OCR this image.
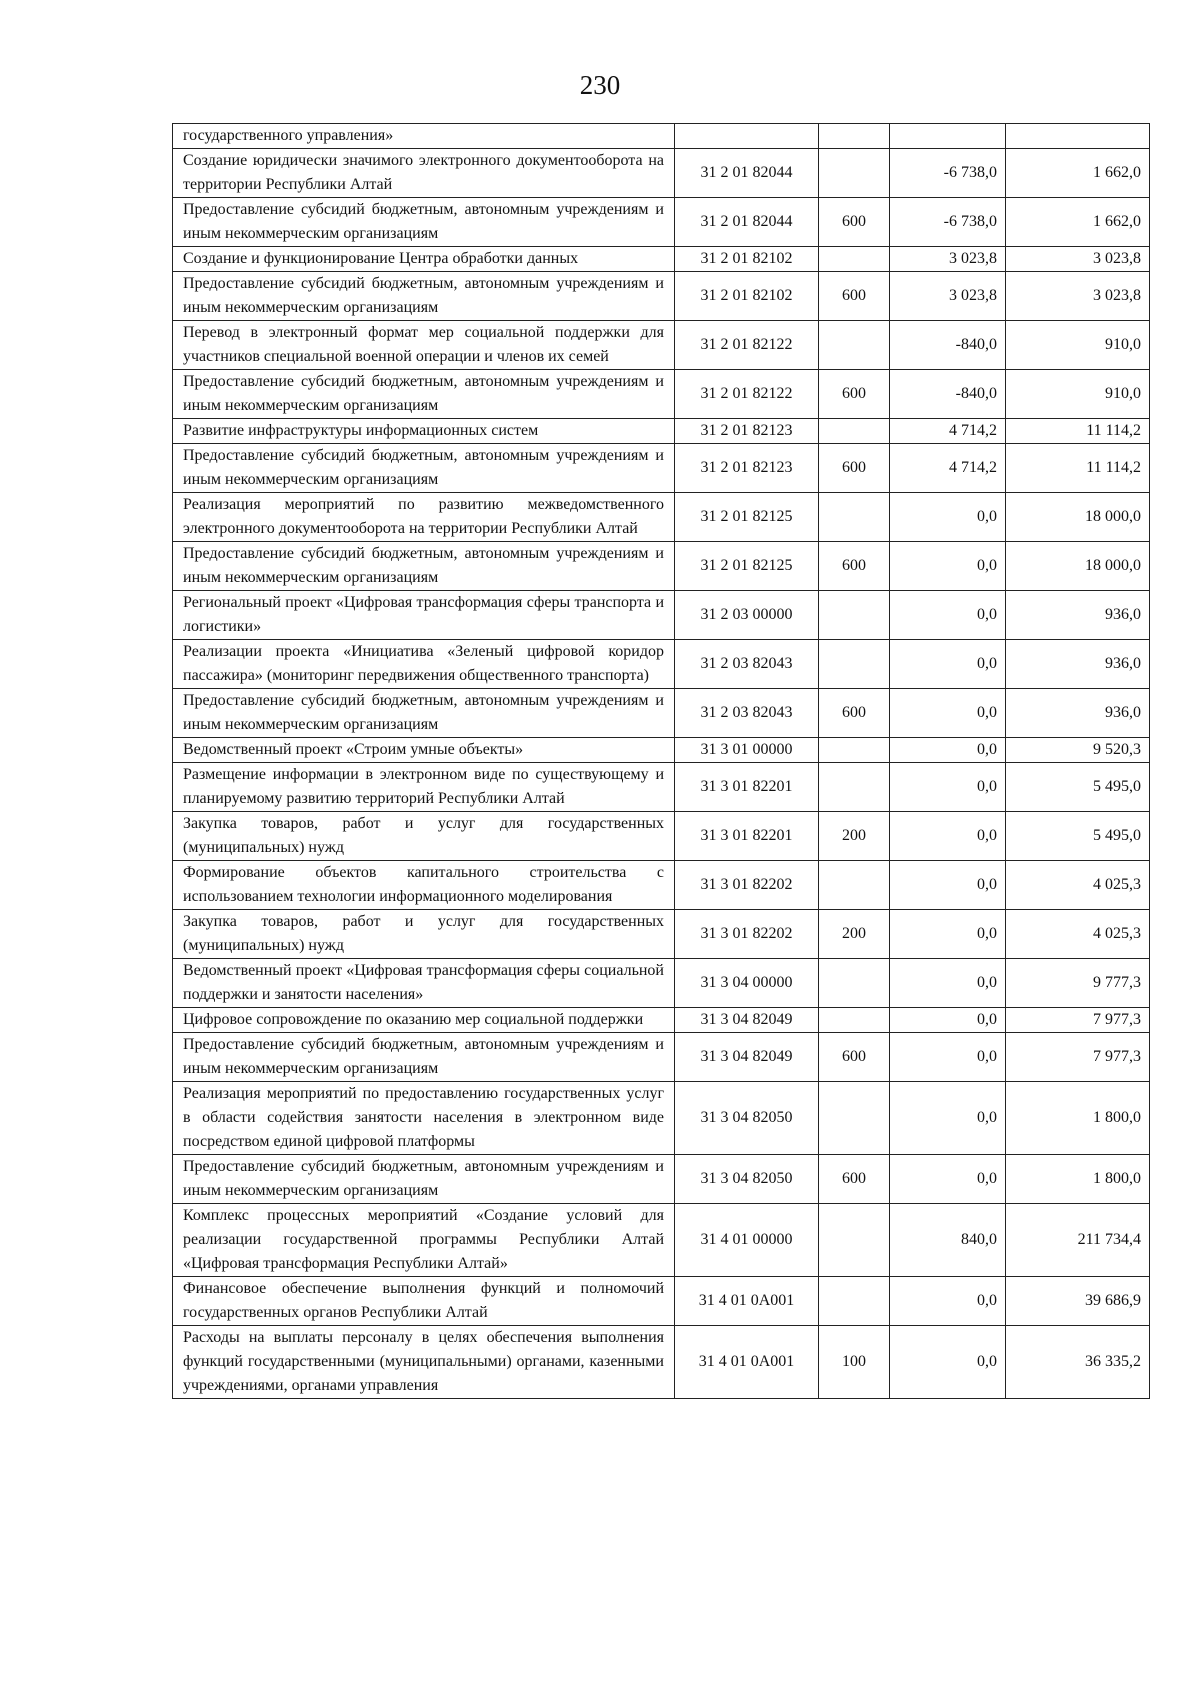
230
государственного управления»				
Создание юридически значимого электронного документооборота на территории Республики Алтай	31 2 01 82044		-6 738,0	1 662,0
Предоставление субсидий бюджетным, автономным учреждениям и иным некоммерческим организациям	31 2 01 82044	600	-6 738,0	1 662,0
Создание и функционирование Центра обработки данных	31 2 01 82102		3 023,8	3 023,8
Предоставление субсидий бюджетным, автономным учреждениям и иным некоммерческим организациям	31 2 01 82102	600	3 023,8	3 023,8
Перевод в электронный формат мер социальной поддержки для участников специальной военной операции и членов их семей	31 2 01 82122		-840,0	910,0
Предоставление субсидий бюджетным, автономным учреждениям и иным некоммерческим организациям	31 2 01 82122	600	-840,0	910,0
Развитие инфраструктуры информационных систем	31 2 01 82123		4 714,2	11 114,2
Предоставление субсидий бюджетным, автономным учреждениям и иным некоммерческим организациям	31 2 01 82123	600	4 714,2	11 114,2
Реализация мероприятий по развитию межведомственного электронного документооборота на территории Республики Алтай	31 2 01 82125		0,0	18 000,0
Предоставление субсидий бюджетным, автономным учреждениям и иным некоммерческим организациям	31 2 01 82125	600	0,0	18 000,0
Региональный проект «Цифровая трансформация сферы транспорта и логистики»	31 2 03 00000		0,0	936,0
Реализации проекта «Инициатива «Зеленый цифровой коридор пассажира» (мониторинг передвижения общественного транспорта)	31 2 03 82043		0,0	936,0
Предоставление субсидий бюджетным, автономным учреждениям и иным некоммерческим организациям	31 2 03 82043	600	0,0	936,0
Ведомственный проект «Строим умные объекты»	31 3 01 00000		0,0	9 520,3
Размещение информации в электронном виде по существующему и планируемому развитию территорий Республики Алтай	31 3 01 82201		0,0	5 495,0
Закупка товаров, работ и услуг для государственных (муниципальных) нужд	31 3 01 82201	200	0,0	5 495,0
Формирование объектов капитального строительства с использованием технологии информационного моделирования	31 3 01 82202		0,0	4 025,3
Закупка товаров, работ и услуг для государственных (муниципальных) нужд	31 3 01 82202	200	0,0	4 025,3
Ведомственный проект «Цифровая трансформация сферы социальной поддержки и занятости населения»	31 3 04 00000		0,0	9 777,3
Цифровое сопровождение по оказанию мер социальной поддержки	31 3 04 82049		0,0	7 977,3
Предоставление субсидий бюджетным, автономным учреждениям и иным некоммерческим организациям	31 3 04 82049	600	0,0	7 977,3
Реализация мероприятий по предоставлению государственных услуг в области содействия занятости населения в электронном виде посредством единой цифровой платформы	31 3 04 82050		0,0	1 800,0
Предоставление субсидий бюджетным, автономным учреждениям и иным некоммерческим организациям	31 3 04 82050	600	0,0	1 800,0
Комплекс процессных мероприятий «Создание условий для реализации государственной программы Республики Алтай «Цифровая трансформация Республики Алтай»	31 4 01 00000		840,0	211 734,4
Финансовое обеспечение выполнения функций и полномочий государственных органов Республики Алтай	31 4 01 0А001		0,0	39 686,9
Расходы на выплаты персоналу в целях обеспечения выполнения функций государственными (муниципальными) органами, казенными учреждениями, органами управления	31 4 01 0А001	100	0,0	36 335,2
